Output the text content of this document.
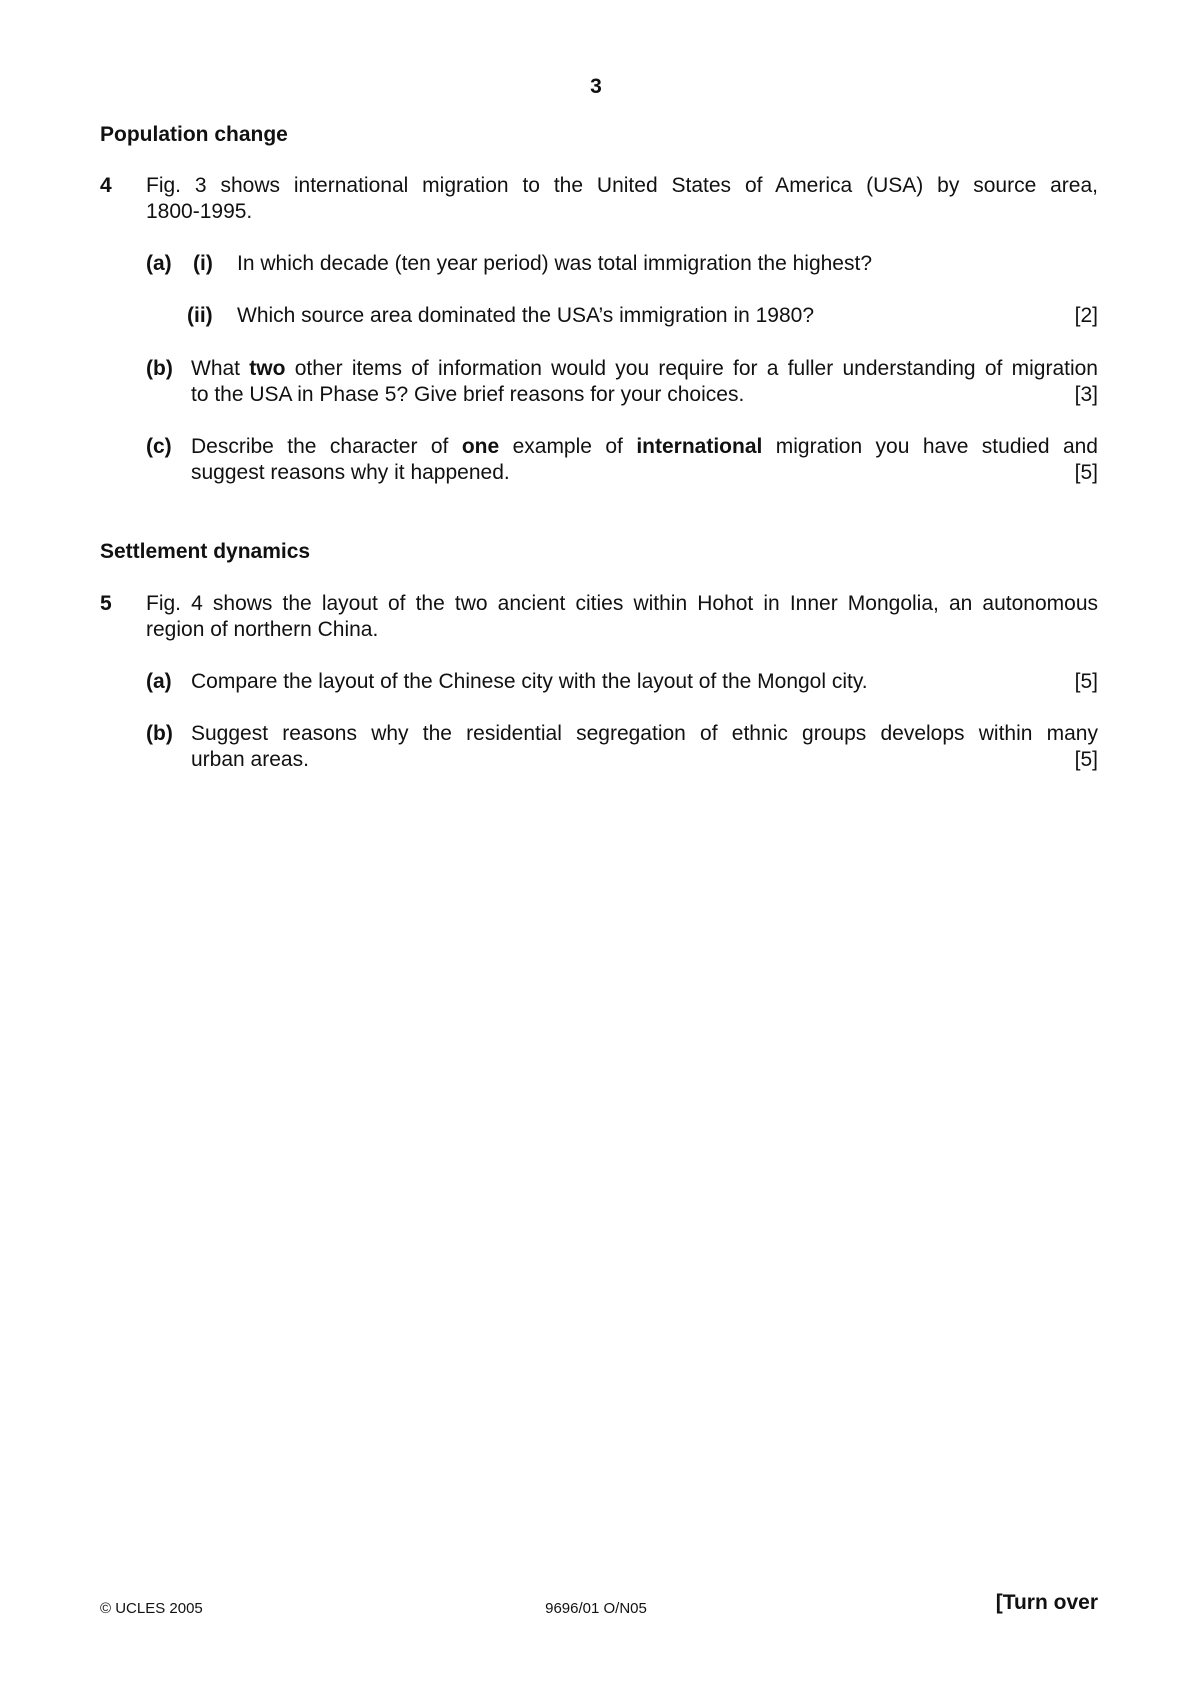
3
Population change
4 Fig. 3 shows international migration to the United States of America (USA) by source area,
1800-1995.
(a) (i) In which decade (ten year period) was total immigration the highest?
(ii) Which source area dominated the USA’s immigration in 1980?	[2]
(b) What two other items of information would you require for a fuller understanding of migration
to the USA in Phase 5? Give brief reasons for your choices.	[3]
(c) Describe the character of one example of international migration you have studied and
suggest reasons why it happened.	[5]
Settlement dynamics
5 Fig. 4 shows the layout of the two ancient cities within Hohot in Inner Mongolia, an autonomous
region of northern China.
(a) Compare the layout of the Chinese city with the layout of the Mongol city.	[5]
(b) Suggest reasons why the residential segregation of ethnic groups develops within many
urban areas.	[5]
© UCLES 2005	9696/01 O/N05	[Turn over
